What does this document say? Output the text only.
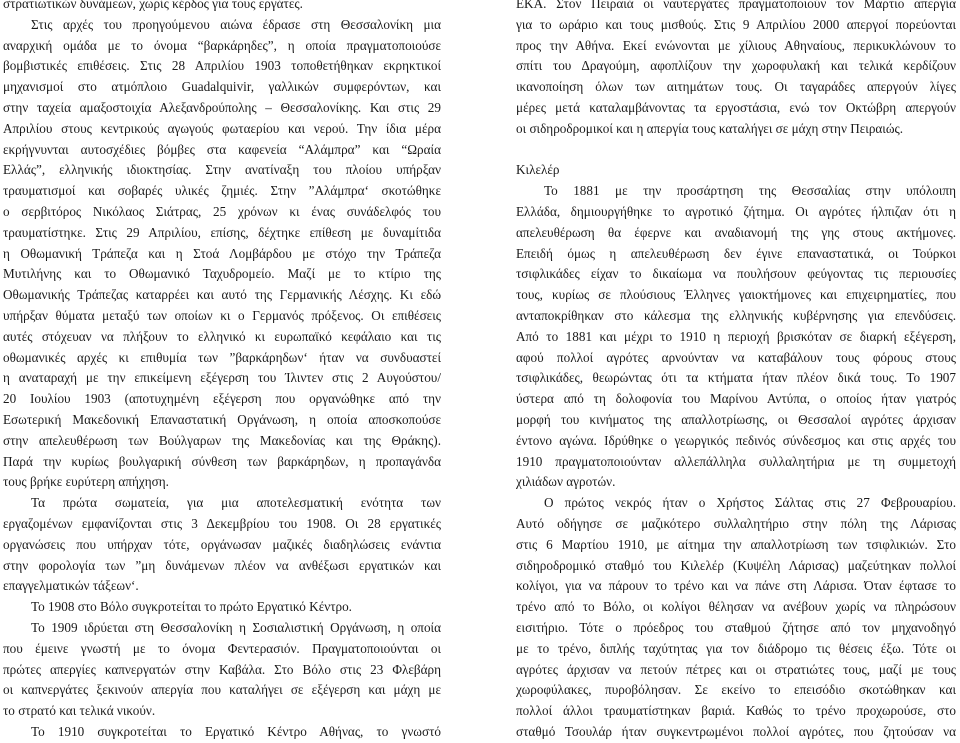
στρατιωτικών δυνάμεων, χωρίς κέρδος για τους εργάτες.
Στις αρχές του προηγούμενου αιώνα έδρασε στη Θεσσαλονίκη μια
αναρχική ομάδα με το όνομα “βαρκάρηδες”, η οποία πραγματοποιούσε
βομβιστικές επιθέσεις. Στις 28 Απριλίου 1903 τοποθετήθηκαν εκρηκτικοί
μηχανισμοί στο ατμόπλοιο Guadalquivir, γαλλικών συμφερόντων, και
στην ταχεία αμαξοστοιχία Αλεξανδρούπολης – Θεσσαλονίκης. Και στις 29
Απριλίου στους κεντρικούς αγωγούς φωταερίου και νερού. Την ίδια μέρα
εκρήγνυνται αυτοσχέδιες βόμβες στα καφενεία “Αλάμπρα” και “Ωραία
Ελλάς”, ελληνικής ιδιοκτησίας. Στην ανατίναξη του πλοίου υπήρξαν
τραυματισμοί και σοβαρές υλικές ζημιές. Στην ”Αλάμπρα‘ σκοτώθηκε
ο σερβιτόρος Νικόλαος Σιάτρας, 25 χρόνων κι ένας συνάδελφός του
τραυματίστηκε. Στις 29 Απριλίου, επίσης, δέχτηκε επίθεση με δυναμίτιδα
η Οθωμανική Τράπεζα και η Στοά Λομβάρδου με στόχο την Τράπεζα
Μυτιλήνης και το Οθωμανικό Ταχυδρομείο. Μαζί με το κτίριο της
Οθωμανικής Τράπεζας καταρρέει και αυτό της Γερμανικής Λέσχης. Κι εδώ
υπήρξαν θύματα μεταξύ των οποίων κι ο Γερμανός πρόξενος. Οι επιθέσεις
αυτές στόχευαν να πλήξουν το ελληνικό κι ευρωπαϊκό κεφάλαιο και τις
οθωμανικές αρχές κι επιθυμία των ”βαρκάρηδων‘ ήταν να συνδυαστεί
η αναταραχή με την επικείμενη εξέγερση του Ίλιντεν στις 2 Αυγούστου/
20 Ιουλίου 1903 (αποτυχημένη εξέγερση που οργανώθηκε από την
Εσωτερική Μακεδονική Επαναστατική Οργάνωση, η οποία αποσκοπούσε
στην απελευθέρωση των Βούλγαρων της Μακεδονίας και της Θράκης).
Παρά την κυρίως βουλγαρική σύνθεση των βαρκάρηδων, η προπαγάνδα
τους βρήκε ευρύτερη απήχηση.
Τα πρώτα σωματεία, για μια αποτελεσματική ενότητα των
εργαζομένων εμφανίζονται στις 3 Δεκεμβρίου του 1908. Οι 28 εργατικές
οργανώσεις που υπήρχαν τότε, οργάνωσαν μαζικές διαδηλώσεις ενάντια
στην φορολογία των ”μη δυνάμενων πλέον να ανθέξωσι εργατικών και
επαγγελματικών τάξεων‘.
Το 1908 στο Βόλο συγκροτείται το πρώτο Εργατικό Κέντρο.
Το 1909 ιδρύεται στη Θεσσαλονίκη η Σοσιαλιστική Οργάνωση, η οποία
που έμεινε γνωστή με το όνομα Φεντερασιόν. Πραγματοποιούνται οι
πρώτες απεργίες καπνεργατών στην Καβάλα. Στο Βόλο στις 23 Φλεβάρη
οι καπνεργάτες ξεκινούν απεργία που καταλήγει σε εξέγερση και μάχη με
το στρατό και τελικά νικούν.
Το 1910 συγκροτείται το Εργατικό Κέντρο Αθήνας, το γνωστό
ΕΚΑ. Στον Πειραιά οι ναυτεργάτες πραγματοποιούν τον Μάρτιο απεργία
για το ωράριο και τους μισθούς. Στις 9 Απριλίου 2000 απεργοί πορεύονται
προς την Αθήνα. Εκεί ενώνονται με χίλιους Αθηναίους, περικυκλώνουν το
σπίτι του Δραγούμη, αφοπλίζουν την χωροφυλακή και τελικά κερδίζουν
ικανοποίηση όλων των αιτημάτων τους. Οι ταγαράδες απεργούν λίγες
μέρες μετά καταλαμβάνοντας τα εργοστάσια, ενώ τον Οκτώβρη απεργούν
οι σιδηροδρομικοί και η απεργία τους καταλήγει σε μάχη στην Πειραιώς.
Κιλελέρ
Το 1881 με την προσάρτηση της Θεσσαλίας στην υπόλοιπη
Ελλάδα, δημιουργήθηκε το αγροτικό ζήτημα. Οι αγρότες ήλπιζαν ότι η
απελευθέρωση θα έφερνε και αναδιανομή της γης στους ακτήμονες.
Επειδή όμως η απελευθέρωση δεν έγινε επαναστατικά, οι Τούρκοι
τσιφλικάδες είχαν το δικαίωμα να πουλήσουν φεύγοντας τις περιουσίες
τους, κυρίως σε πλούσιους Έλληνες γαιοκτήμονες και επιχειρηματίες, που
ανταποκρίθηκαν στο κάλεσμα της ελληνικής κυβέρνησης για επενδύσεις.
Από το 1881 και μέχρι το 1910 η περιοχή βρισκόταν σε διαρκή εξέγερση,
αφού πολλοί αγρότες αρνούνταν να καταβάλουν τους φόρους στους
τσιφλικάδες, θεωρώντας ότι τα κτήματα ήταν πλέον δικά τους. Το 1907
ύστερα από τη δολοφονία του Μαρίνου Αντύπα, ο οποίος ήταν γιατρός
μορφή του κινήματος της απαλλοτρίωσης, οι Θεσσαλοί αγρότες άρχισαν
έντονο αγώνα. Ιδρύθηκε ο γεωργικός πεδινός σύνδεσμος και στις αρχές του
1910 πραγματοποιούνταν αλλεπάλληλα συλλαλητήρια με τη συμμετοχή
χιλιάδων αγροτών.
Ο πρώτος νεκρός ήταν ο Χρήστος Σάλτας στις 27 Φεβρουαρίου.
Αυτό οδήγησε σε μαζικότερο συλλαλητήριο στην πόλη της Λάρισας
στις 6 Μαρτίου 1910, με αίτημα την απαλλοτρίωση των τσιφλικιών. Στο
σιδηροδρομικό σταθμό του Κιλελέρ (Κυψέλη Λάρισας) μαζεύτηκαν πολλοί
κολίγοι, για να πάρουν το τρένο και να πάνε στη Λάρισα. Όταν έφτασε το
τρένο από το Βόλο, οι κολίγοι θέλησαν να ανέβουν χωρίς να πληρώσουν
εισιτήριο. Τότε ο πρόεδρος του σταθμού ζήτησε από τον μηχανοδηγό
με το τρένο, διπλής ταχύτητας για τον διάδρομο τις θέσεις έξω. Τότε οι
αγρότες άρχισαν να πετούν πέτρες και οι στρατιώτες τους, μαζί με τους
χωροφύλακες, πυροβόλησαν. Σε εκείνο το επεισόδιο σκοτώθηκαν και
πολλοί άλλοι τραυματίστηκαν βαριά. Καθώς το τρένο προχωρούσε, στο
σταθμό Τσουλάρ ήταν συγκεντρωμένοι πολλοί αγρότες, που ζητούσαν να
